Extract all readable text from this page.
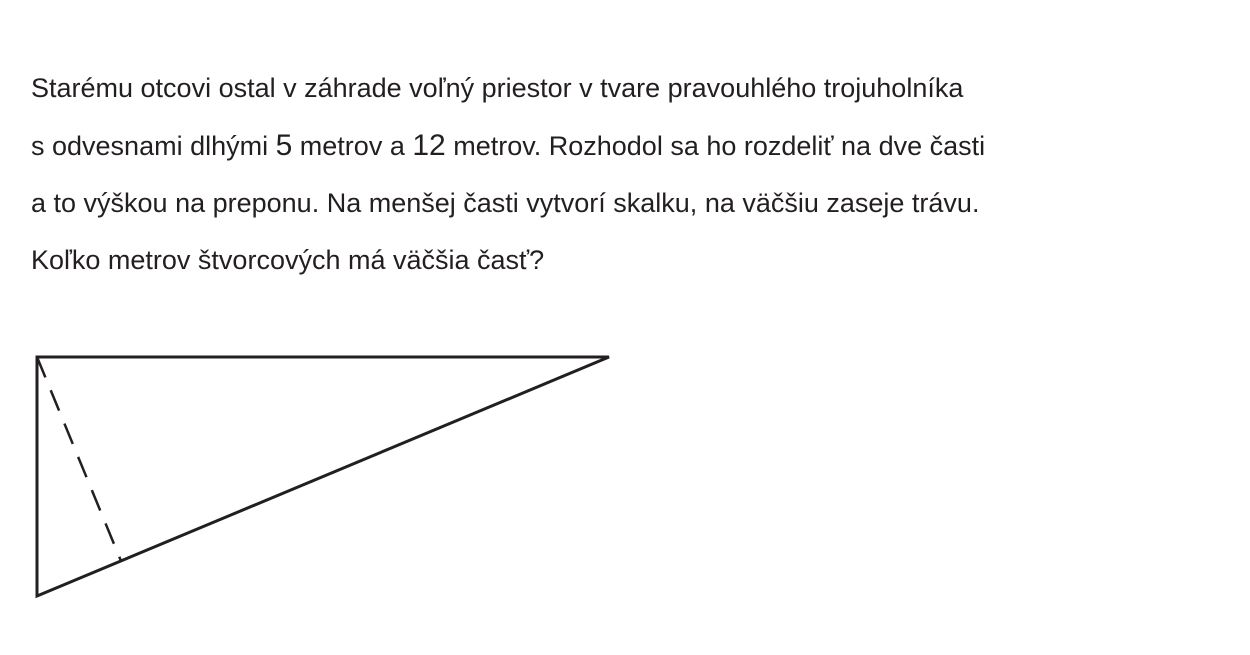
Starému otcovi ostal v záhrade voľný priestor v tvare pravouhlého trojuholníka
s odvesnami dlhými 5 metrov a 12 metrov. Rozhodol sa ho rozdeliť na dve časti
a to výškou na preponu. Na menšej časti vytvorí skalku, na väčšiu zaseje trávu.
Koľko metrov štvorcových má väčšia časť?
